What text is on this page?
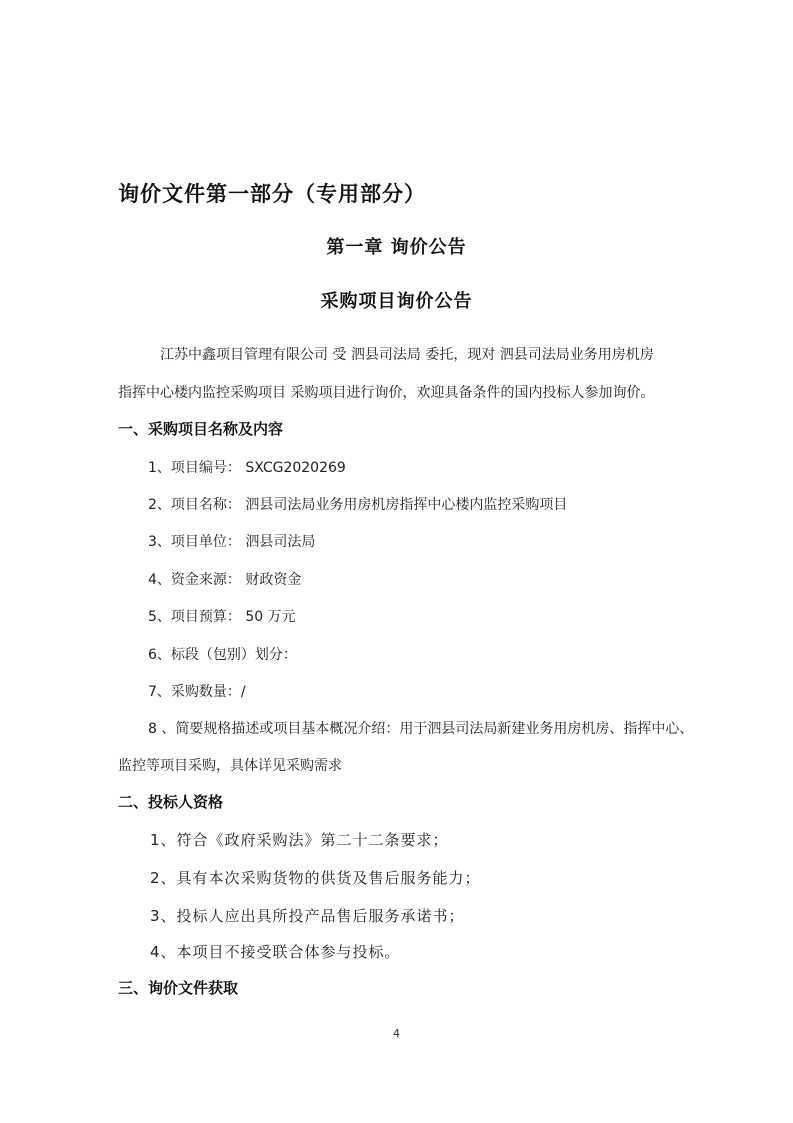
询价文件第一部分（专用部分）
第一章 询价公告
采购项目询价公告
江苏中鑫项目管理有限公司 受 泗县司法局 委托，现对 泗县司法局业务用房机房
指挥中心楼内监控采购项目 采购项目进行询价，欢迎具备条件的国内投标人参加询价。
一、采购项目名称及内容
1、项目编号： SXCG2020269
2、项目名称： 泗县司法局业务用房机房指挥中心楼内监控采购项目
3、项目单位： 泗县司法局
4、资金来源： 财政资金
5、项目预算： 50 万元
6、标段（包别）划分：
7、采购数量：/
8 、简要规格描述或项目基本概况介绍：用于泗县司法局新建业务用房机房、指挥中心、
监控等项目采购，具体详见采购需求
二、投标人资格
1、符合《政府采购法》第二十二条要求；
2、具有本次采购货物的供货及售后服务能力；
3、投标人应出具所投产品售后服务承诺书；
4、本项目不接受联合体参与投标。
三、询价文件获取
4
